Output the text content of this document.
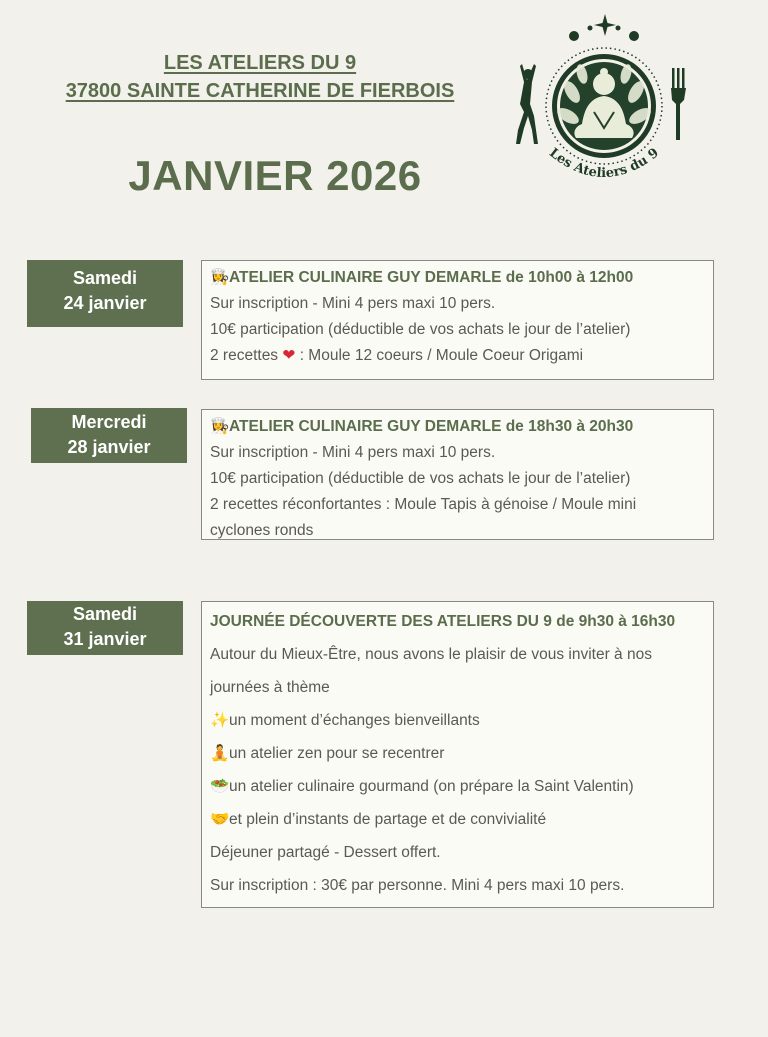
LES ATELIERS DU 9
37800 SAINTE CATHERINE DE FIERBOIS
JANVIER 2026	Les Ateliers du 9
Samedi
24 janvier
👩‍🍳ATELIER CULINAIRE GUY DEMARLE de 10h00 à 12h00
Sur inscription - Mini 4 pers maxi 10 pers.
10€ participation (déductible de vos achats le jour de l’atelier)
2 recettes ❤ : Moule 12 coeurs / Moule Coeur Origami
Mercredi
28 janvier
👩‍🍳ATELIER CULINAIRE GUY DEMARLE de 18h30 à 20h30
Sur inscription - Mini 4 pers maxi 10 pers.
10€ participation (déductible de vos achats le jour de l’atelier)
2 recettes réconfortantes : Moule Tapis à génoise / Moule mini
cyclones ronds
Samedi
31 janvier
JOURNÉE DÉCOUVERTE DES ATELIERS DU 9 de 9h30 à 16h30
Autour du Mieux-Être, nous avons le plaisir de vous inviter à nos
journées à thème
✨un moment d’échanges bienveillants
🧘un atelier zen pour se recentrer
🥗un atelier culinaire gourmand (on prépare la Saint Valentin)
🤝et plein d’instants de partage et de convivialité
Déjeuner partagé - Dessert offert.
Sur inscription : 30€ par personne. Mini 4 pers maxi 10 pers.
